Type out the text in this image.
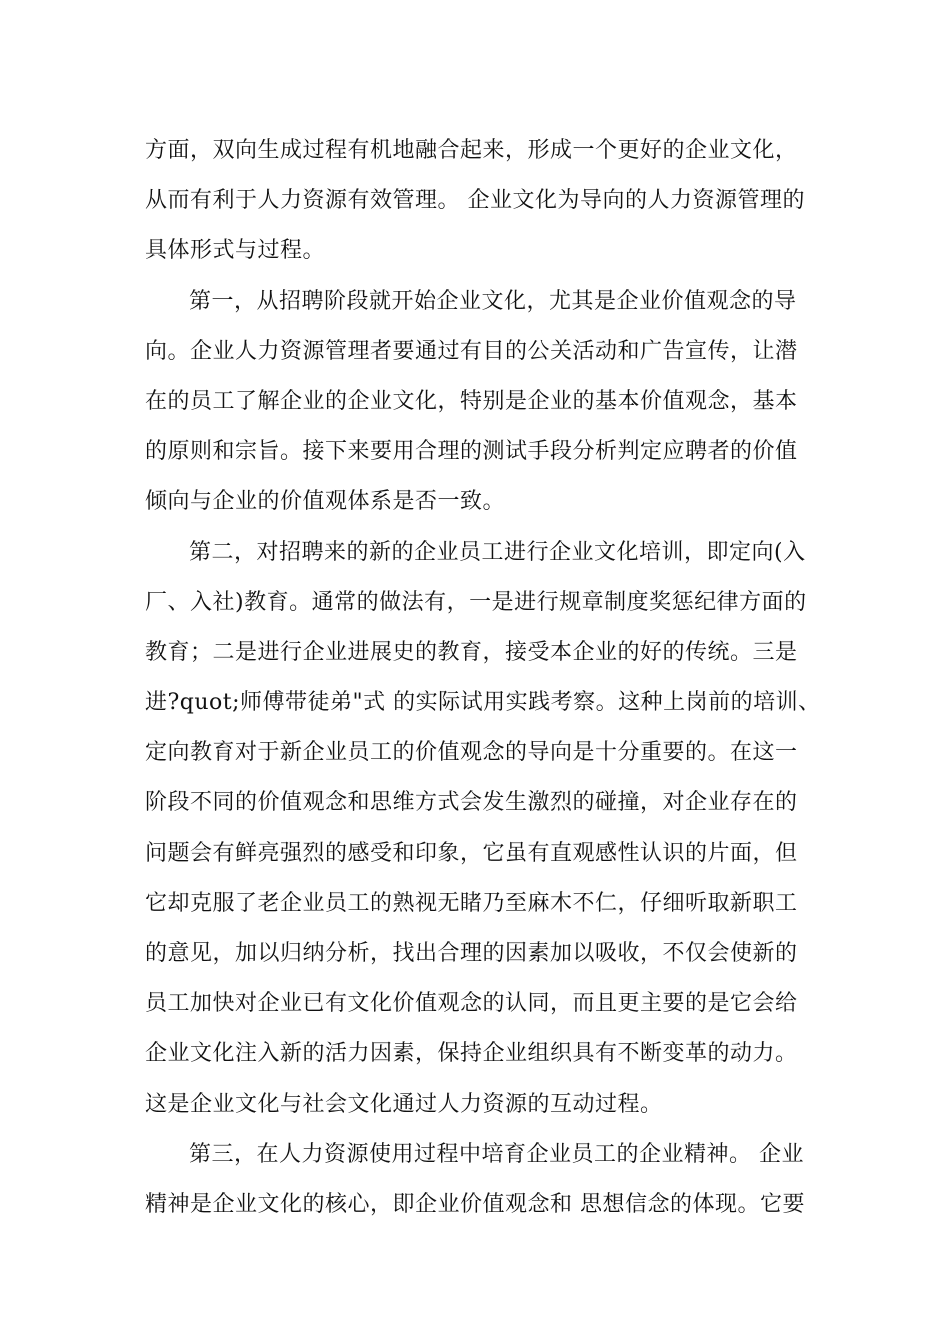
方面，双向生成过程有机地融合起来，形成一个更好的企业文化，
从而有利于人力资源有效管理。 企业文化为导向的人力资源管理的
具体形式与过程。
第一，从招聘阶段就开始企业文化，尤其是企业价值观念的导
向。企业人力资源管理者要通过有目的公关活动和广告宣传，让潜
在的员工了解企业的企业文化，特别是企业的基本价值观念，基本
的原则和宗旨。接下来要用合理的测试手段分析判定应聘者的价值
倾向与企业的价值观体系是否一致。
第二，对招聘来的新的企业员工进行企业文化培训，即定向(入
厂、入社)教育。通常的做法有，一是进行规章制度奖惩纪律方面的
教育；二是进行企业进展史的教育，接受本企业的好的传统。三是
进?quot;师傅带徒弟"式 的实际试用实践考察。这种上岗前的培训、
定向教育对于新企业员工的价值观念的导向是十分重要的。在这一
阶段不同的价值观念和思维方式会发生激烈的碰撞，对企业存在的
问题会有鲜亮强烈的感受和印象，它虽有直观感性认识的片面，但
它却克服了老企业员工的熟视无睹乃至麻木不仁，仔细听取新职工
的意见，加以归纳分析，找出合理的因素加以吸收，不仅会使新的
员工加快对企业已有文化价值观念的认同，而且更主要的是它会给
企业文化注入新的活力因素，保持企业组织具有不断变革的动力。
这是企业文化与社会文化通过人力资源的互动过程。
第三，在人力资源使用过程中培育企业员工的企业精神。 企业
精神是企业文化的核心，即企业价值观念和 思想信念的体现。它要
